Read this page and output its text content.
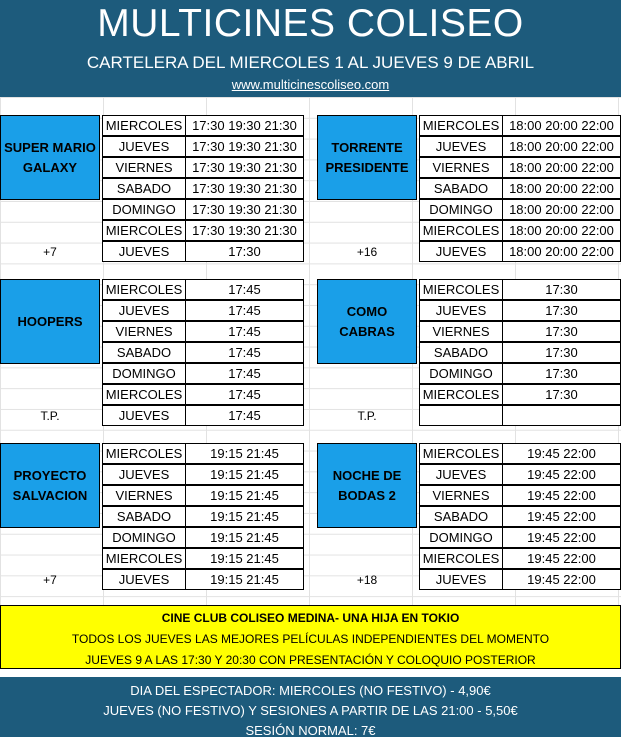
MULTICINES COLISEO
CARTELERA DEL MIERCOLES 1 AL JUEVES 9 DE ABRIL
www.multicinescoliseo.com
SUPER MARIO GALAXY
+7
MIERCOLES 17:30 19:30 21:30
JUEVES	17:30 19:30 21:30
VIERNES	17:30 19:30 21:30
SABADO	17:30 19:30 21:30
DOMINGO	17:30 19:30 21:30
MIERCOLES 17:30 19:30 21:30
JUEVES	17:30
TORRENTE PRESIDENTE
+16
MIERCOLES 18:00 20:00 22:00
JUEVES	18:00 20:00 22:00
VIERNES	18:00 20:00 22:00
SABADO	18:00 20:00 22:00
DOMINGO	18:00 20:00 22:00
MIERCOLES 18:00 20:00 22:00
JUEVES	18:00 20:00 22:00
HOOPERS
T.P.
MIERCOLES	17:45
JUEVES	17:45
VIERNES	17:45
SABADO	17:45
DOMINGO	17:45
MIERCOLES	17:45
JUEVES	17:45
COMO CABRAS
T.P.
MIERCOLES	17:30
JUEVES	17:30
VIERNES	17:30
SABADO	17:30
DOMINGO	17:30
MIERCOLES	17:30
PROYECTO SALVACION
+7
MIERCOLES	19:15 21:45
JUEVES	19:15 21:45
VIERNES	19:15 21:45
SABADO	19:15 21:45
DOMINGO	19:15 21:45
MIERCOLES	19:15 21:45
JUEVES	19:15 21:45
NOCHE DE BODAS 2
+18
MIERCOLES	19:45 22:00
JUEVES	19:45 22:00
VIERNES	19:45 22:00
SABADO	19:45 22:00
DOMINGO	19:45 22:00
MIERCOLES	19:45 22:00
JUEVES	19:45 22:00
CINE CLUB COLISEO MEDINA- UNA HIJA EN TOKIO
TODOS LOS JUEVES LAS MEJORES PELÍCULAS INDEPENDIENTES DEL MOMENTO
JUEVES 9 A LAS 17:30 Y 20:30 CON PRESENTACIÓN Y COLOQUIO POSTERIOR
DIA DEL ESPECTADOR: MIERCOLES (NO FESTIVO) - 4,90€
JUEVES (NO FESTIVO) Y SESIONES A PARTIR DE LAS 21:00 - 5,50€
SESIÓN NORMAL: 7€
